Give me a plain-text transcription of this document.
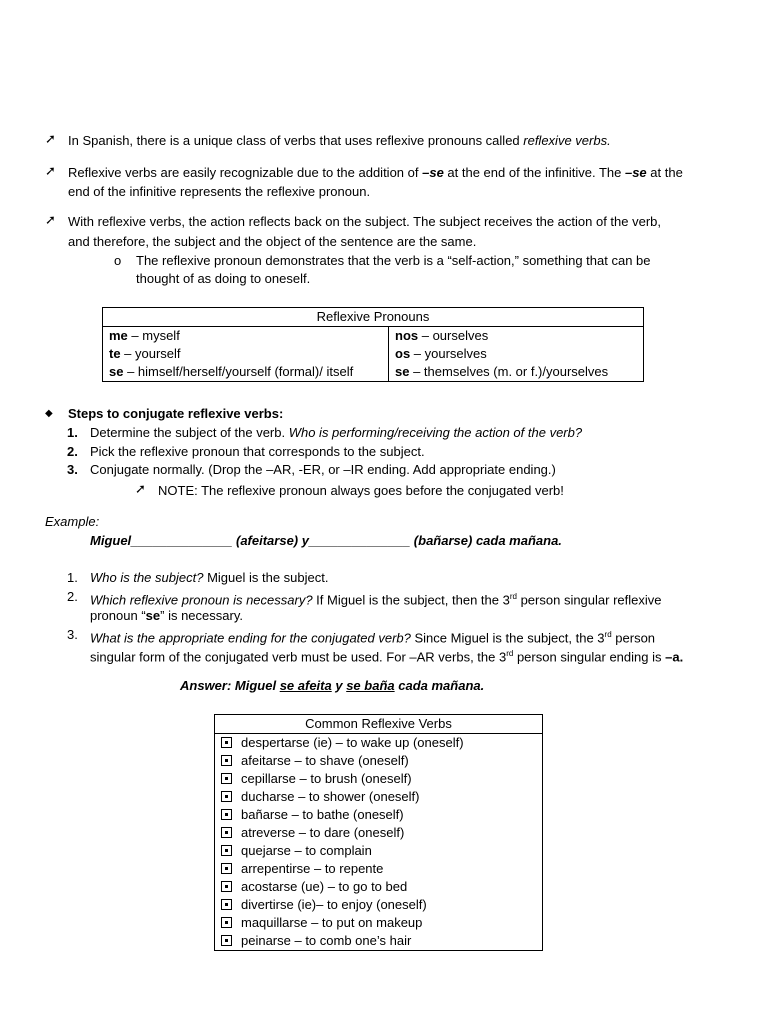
➚ In Spanish, there is a unique class of verbs that uses reflexive pronouns called reflexive verbs.
➚ Reflexive verbs are easily recognizable due to the addition of –se at the end of the infinitive. The –se at the
end of the infinitive represents the reflexive pronoun.
➚ With reflexive verbs, the action reflects back on the subject. The subject receives the action of the verb,
and therefore, the subject and the object of the sentence are the same.
o The reflexive pronoun demonstrates that the verb is a “self-action,” something that can be
thought of as doing to oneself.
Reflexive Pronouns	
me – myself	nos – ourselves
te – yourself	os – yourselves
se – himself/herself/yourself (formal)/ itself	se – themselves (m. or f.)/yourselves
◆ Steps to conjugate reflexive verbs:
1. Determine the subject of the verb. Who is performing/receiving the action of the verb?
2. Pick the reflexive pronoun that corresponds to the subject.
3. Conjugate normally. (Drop the –AR, -ER, or –IR ending. Add appropriate ending.)
➚ NOTE: The reflexive pronoun always goes before the conjugated verb!
Example:
Miguel______________ (afeitarse) y______________ (bañarse) cada mañana.
1. Who is the subject? Miguel is the subject.
2. Which reflexive pronoun is necessary? If Miguel is the subject, then the 3rd person singular reflexive
pronoun “se” is necessary.
3. What is the appropriate ending for the conjugated verb? Since Miguel is the subject, the 3rd person
singular form of the conjugated verb must be used. For –AR verbs, the 3rd person singular ending is –a.
Answer: Miguel se afeita y se baña cada mañana.
Common Reflexive Verbs
despertarse (ie) – to wake up (oneself)
afeitarse – to shave (oneself)
cepillarse – to brush (oneself)
ducharse – to shower (oneself)
bañarse – to bathe (oneself)
atreverse – to dare (oneself)
quejarse – to complain
arrepentirse – to repente
acostarse (ue) – to go to bed
divertirse (ie)– to enjoy (oneself)
maquillarse – to put on makeup
peinarse – to comb one’s hair
